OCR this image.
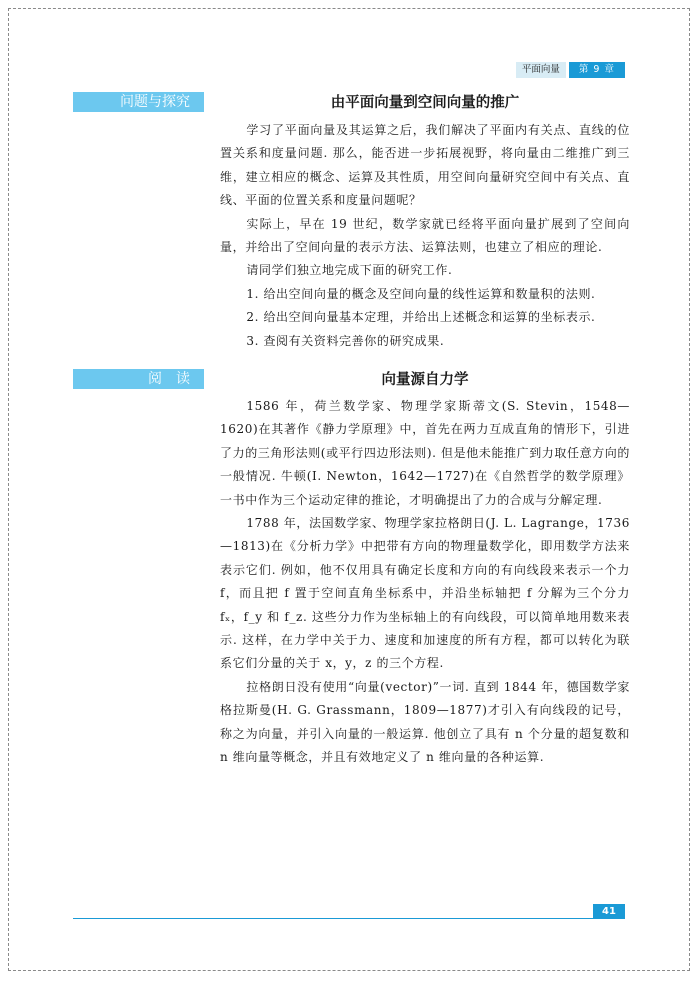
平面向量	第 9 章
问题与探究	由平面向量到空间向量的推广

学习了平面向量及其运算之后，我们解决了平面内有关点、直线的位置关系和度量问题. 那么，能否进一步拓展视野，将向量由二维推广到三维，建立相应的概念、运算及其性质，用空间向量研究空间中有关点、直线、平面的位置关系和度量问题呢？

实际上，早在 19 世纪，数学家就已经将平面向量扩展到了空间向量，并给出了空间向量的表示方法、运算法则，也建立了相应的理论.

请同学们独立地完成下面的研究工作.

1. 给出空间向量的概念及空间向量的线性运算和数量积的法则.

2. 给出空间向量基本定理，并给出上述概念和运算的坐标表示.

3. 查阅有关资料完善你的研究成果.

阅　读	向量源自力学

1586 年，荷兰数学家、物理学家斯蒂文(S. Stevin，1548—1620)在其著作《静力学原理》中，首先在两力互成直角的情形下，引进了力的三角形法则(或平行四边形法则). 但是他未能推广到力取任意方向的一般情况. 牛顿(I. Newton，1642—1727)在《自然哲学的数学原理》一书中作为三个运动定律的推论，才明确提出了力的合成与分解定理.

1788 年，法国数学家、物理学家拉格朗日(J. L. Lagrange，1736—1813)在《分析力学》中把带有方向的物理量数学化，即用数学方法来表示它们. 例如，他不仅用具有确定长度和方向的有向线段来表示一个力 f，而且把 f 置于空间直角坐标系中，并沿坐标轴把 f 分解为三个分力 fₓ，f_y 和 f_z. 这些分力作为坐标轴上的有向线段，可以简单地用数来表示. 这样，在力学中关于力、速度和加速度的所有方程，都可以转化为联系它们分量的关于 x，y，z 的三个方程.

拉格朗日没有使用“向量(vector)”一词. 直到 1844 年，德国数学家格拉斯曼(H. G. Grassmann，1809—1877)才引入有向线段的记号，称之为向量，并引入向量的一般运算. 他创立了具有 n 个分量的超复数和 n 维向量等概念，并且有效地定义了 n 维向量的各种运算.

41
